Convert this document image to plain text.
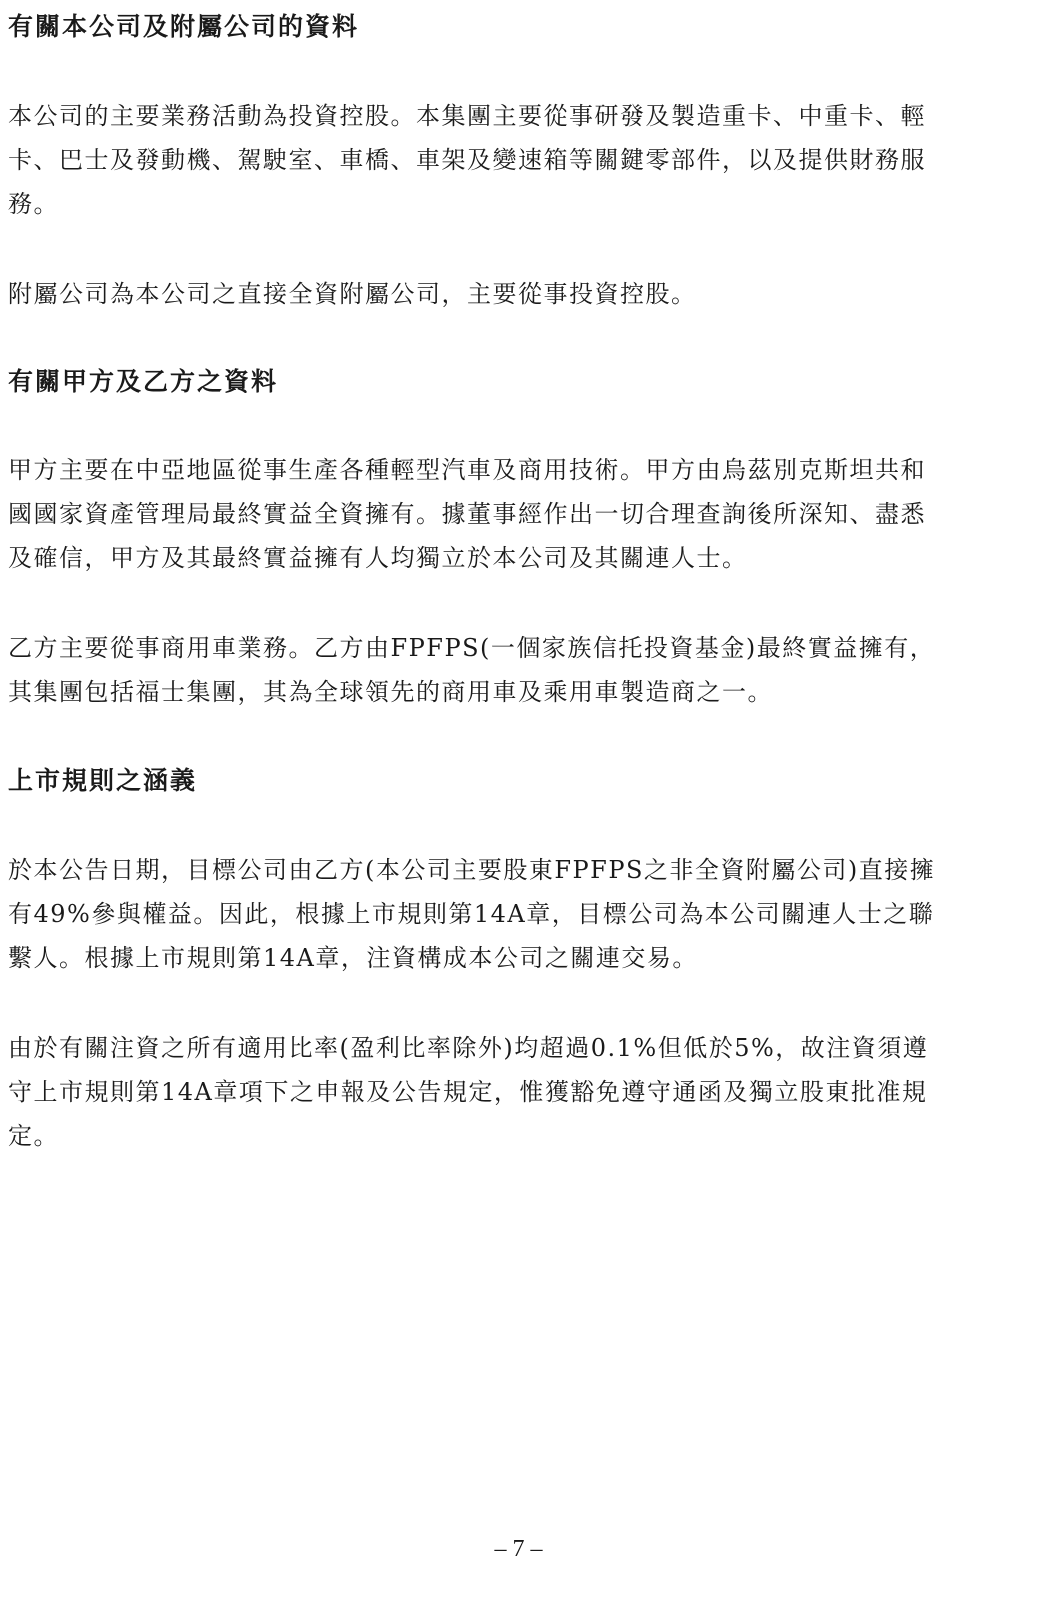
有關本公司及附屬公司的資料
本公司的主要業務活動為投資控股。本集團主要從事研發及製造重卡、中重卡、輕
卡、巴士及發動機、駕駛室、車橋、車架及變速箱等關鍵零部件，以及提供財務服
務。
附屬公司為本公司之直接全資附屬公司，主要從事投資控股。
有關甲方及乙方之資料
甲方主要在中亞地區從事生產各種輕型汽車及商用技術。甲方由烏茲別克斯坦共和
國國家資產管理局最終實益全資擁有。據董事經作出一切合理查詢後所深知、盡悉
及確信，甲方及其最終實益擁有人均獨立於本公司及其關連人士。
乙方主要從事商用車業務。乙方由FPFPS(一個家族信托投資基金)最終實益擁有，
其集團包括福士集團，其為全球領先的商用車及乘用車製造商之一。
上市規則之涵義
於本公告日期，目標公司由乙方(本公司主要股東FPFPS之非全資附屬公司)直接擁
有49%參與權益。因此，根據上市規則第14A章，目標公司為本公司關連人士之聯
繫人。根據上市規則第14A章，注資構成本公司之關連交易。
由於有關注資之所有適用比率(盈利比率除外)均超過0.1%但低於5%，故注資須遵
守上市規則第14A章項下之申報及公告規定，惟獲豁免遵守通函及獨立股東批准規
定。
– 7 –
